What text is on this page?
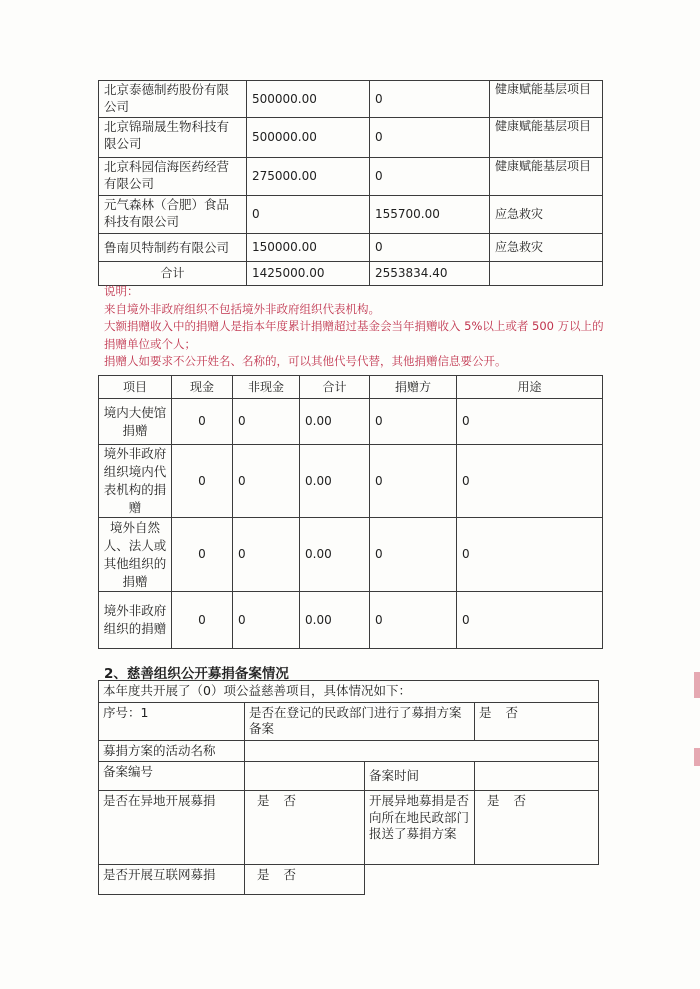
北京泰德制药股份有限公司	500000.00	0	健康赋能基层项目
北京锦瑞晟生物科技有限公司	500000.00	0	健康赋能基层项目
北京科园信海医药经营有限公司	275000.00	0	健康赋能基层项目
元气森林（合肥）食品科技有限公司	0	155700.00	应急救灾
鲁南贝特制药有限公司	150000.00	0	应急救灾
合计	1425000.00	2553834.40	
说明：
来自境外非政府组织不包括境外非政府组织代表机构。
大额捐赠收入中的捐赠人是指本年度累计捐赠超过基金会当年捐赠收入 5%以上或者 500 万以上的捐赠单位或个人；
捐赠人如要求不公开姓名、名称的，可以其他代号代替，其他捐赠信息要公开。
项目	现金	非现金	合计	捐赠方	用途
境内大使馆捐赠	0	0	0.00	0	0
境外非政府组织境内代表机构的捐赠	0	0	0.00	0	0
境外自然人、法人或其他组织的捐赠	0	0	0.00	0	0
境外非政府组织的捐赠	0	0	0.00	0	0
2、慈善组织公开募捐备案情况
本年度共开展了（0）项公益慈善项目，具体情况如下：			
序号：1	是否在登记的民政部门进行了募捐方案备案		是 否
募捐方案的活动名称			
备案编号		备案时间	
是否在异地开展募捐	是 否	开展异地募捐是否向所在地民政部门报送了募捐方案	是 否
是否开展互联网募捐	是 否		
